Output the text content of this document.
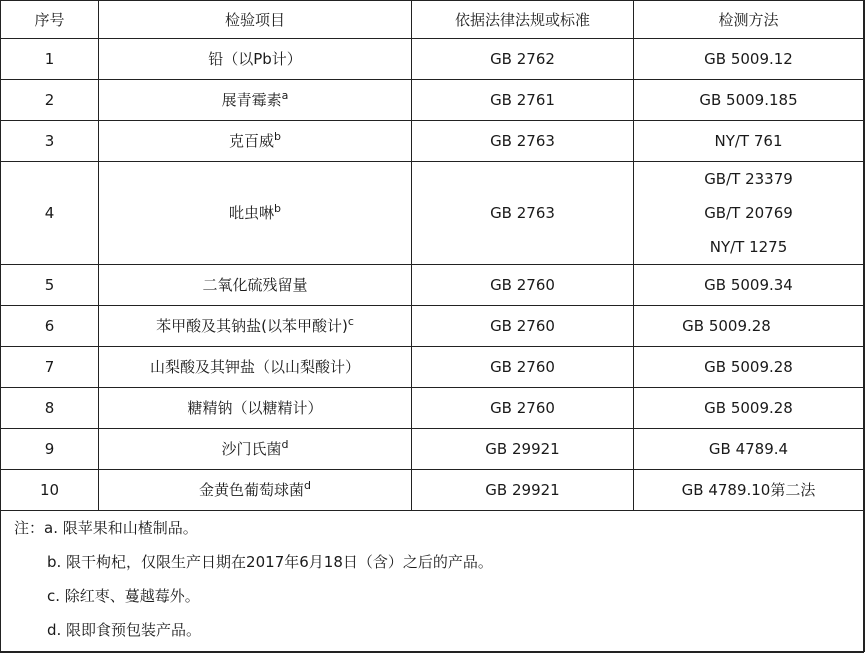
序号	检验项目	依据法律法规或标准	检测方法
1	铅（以Pb计）	GB 2762	GB 5009.12
2	展青霉素$^a$	GB 2761	GB 5009.185
3	克百威$^b$	GB 2763	NY/T 761
4	吡虫啉$^b$	GB 2763	GB/T 23379
GB/T 20769
NY/T 1275

5	二氧化硫残留量	GB 2760	GB 5009.34
6	苯甲酸及其钠盐(以苯甲酸计)$^c$	GB 2760	GB 5009.28
7	山梨酸及其钾盐（以山梨酸计）	GB 2760	GB 5009.28
8	糖精钠（以糖精计）	GB 2760	GB 5009.28
9	沙门氏菌$^d$	GB 29921	GB 4789.4
10	金黄色葡萄球菌$^d$	GB 29921	GB 4789.10第二法

注：a. 限苹果和山楂制品。
b. 限干枸杞，仅限生产日期在2017年6月18日（含）之后的产品。
c. 除红枣、蔓越莓外。
d. 限即食预包装产品。			
